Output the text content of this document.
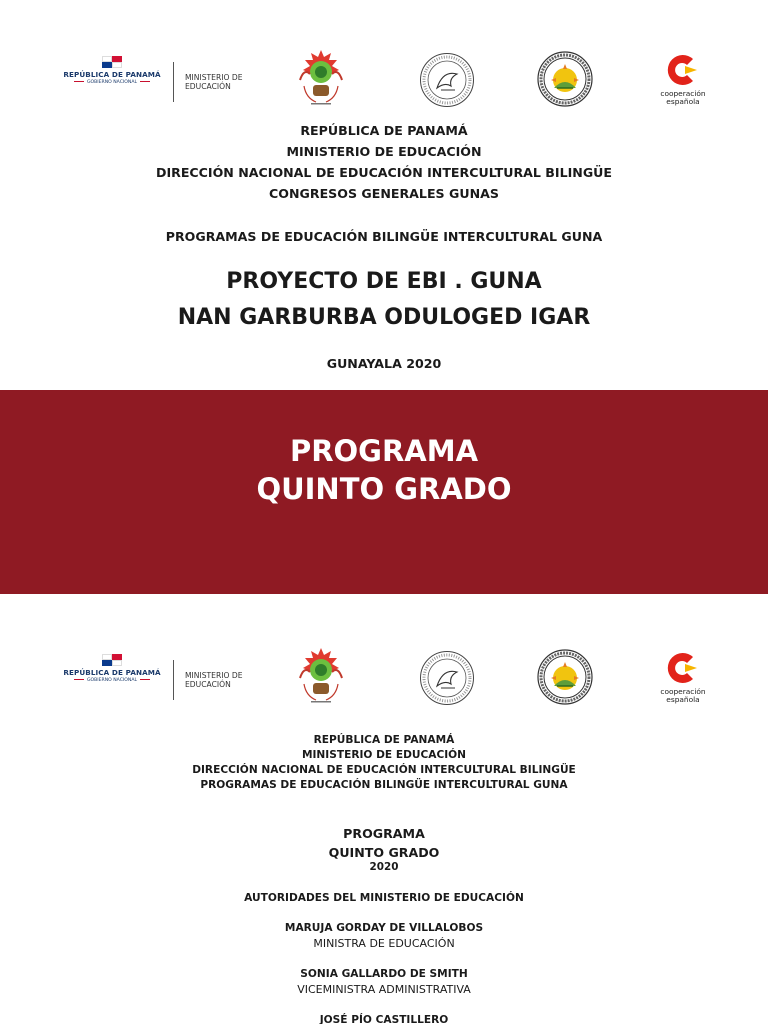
REPÚBLICA DE PANAMÁ
GOBIERNO NACIONAL
MINISTERIO DE
EDUCACIÓN
cooperación
española
REPÚBLICA DE PANAMÁ
MINISTERIO DE EDUCACIÓN
DIRECCIÓN NACIONAL DE EDUCACIÓN INTERCULTURAL BILINGÜE
CONGRESOS GENERALES GUNAS
PROGRAMAS DE EDUCACIÓN BILINGÜE INTERCULTURAL GUNA
PROYECTO DE EBI . GUNA
NAN GARBURBA ODULOGED IGAR
GUNAYALA 2020
PROGRAMA
QUINTO GRADO
REPÚBLICA DE PANAMÁ
GOBIERNO NACIONAL
MINISTERIO DE
EDUCACIÓN
cooperación
española
REPÚBLICA DE PANAMÁ
MINISTERIO DE EDUCACIÓN
DIRECCIÓN NACIONAL DE EDUCACIÓN INTERCULTURAL BILINGÜE
PROGRAMAS DE EDUCACIÓN BILINGÜE INTERCULTURAL GUNA
PROGRAMA
QUINTO GRADO
2020
AUTORIDADES DEL MINISTERIO DE EDUCACIÓN
MARUJA GORDAY DE VILLALOBOS
MINISTRA DE EDUCACIÓN
SONIA GALLARDO DE SMITH
VICEMINISTRA ADMINISTRATIVA
JOSÉ PÍO CASTILLERO
